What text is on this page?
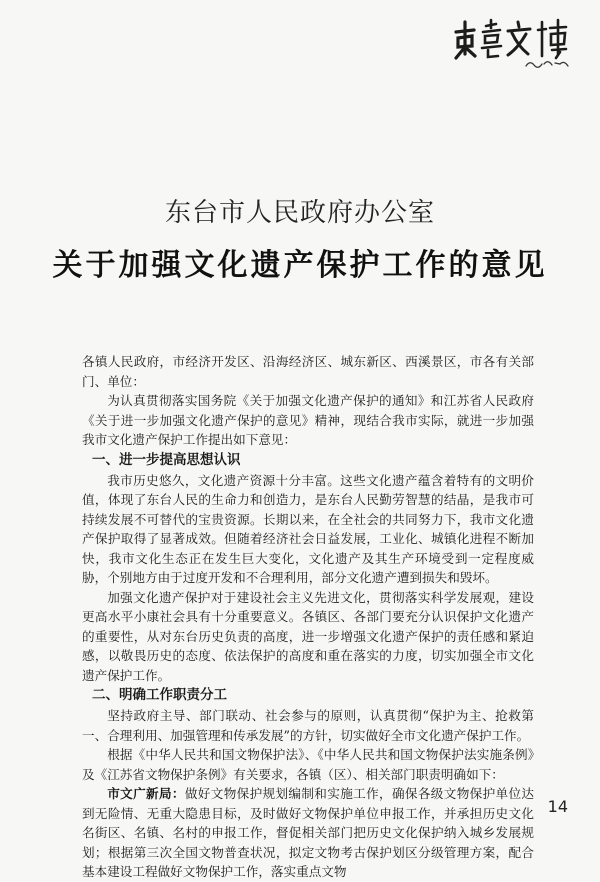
东台市人民政府办公室
关于加强文化遗产保护工作的意见

各镇人民政府，市经济开发区、沿海经济区、城东新区、西溪景区，市各有关部门、单位：

为认真贯彻落实国务院《关于加强文化遗产保护的通知》和江苏省人民政府《关于进一步加强文化遗产保护的意见》精神，现结合我市实际，就进一步加强我市文化遗产保护工作提出如下意见：

一、进一步提高思想认识

我市历史悠久，文化遗产资源十分丰富。这些文化遗产蕴含着特有的文明价值，体现了东台人民的生命力和创造力，是东台人民勤劳智慧的结晶，是我市可持续发展不可替代的宝贵资源。长期以来，在全社会的共同努力下，我市文化遗产保护取得了显著成效。但随着经济社会日益发展，工业化、城镇化进程不断加快，我市文化生态正在发生巨大变化，文化遗产及其生产环境受到一定程度威胁，个别地方由于过度开发和不合理利用，部分文化遗产遭到损失和毁坏。

加强文化遗产保护对于建设社会主义先进文化，贯彻落实科学发展观，建设更高水平小康社会具有十分重要意义。各镇区、各部门要充分认识保护文化遗产的重要性，从对东台历史负责的高度，进一步增强文化遗产保护的责任感和紧迫感，以敬畏历史的态度、依法保护的高度和重在落实的力度，切实加强全市文化遗产保护工作。

二、明确工作职责分工

坚持政府主导、部门联动、社会参与的原则，认真贯彻“保护为主、抢救第一、合理利用、加强管理和传承发展”的方针，切实做好全市文化遗产保护工作。

根据《中华人民共和国文物保护法》、《中华人民共和国文物保护法实施条例》及《江苏省文物保护条例》有关要求，各镇（区）、相关部门职责明确如下：

市文广新局：做好文物保护规划编制和实施工作，确保各级文物保护单位达到无险情、无重大隐患目标，及时做好文物保护单位申报工作，并承担历史文化名街区、名镇、名村的申报工作，督促相关部门把历史文化保护纳入城乡发展规划；根据第三次全国文物普查状况，拟定文物考古保护划区分级管理方案，配合基本建设工程做好文物保护工作，落实重点文物

14
